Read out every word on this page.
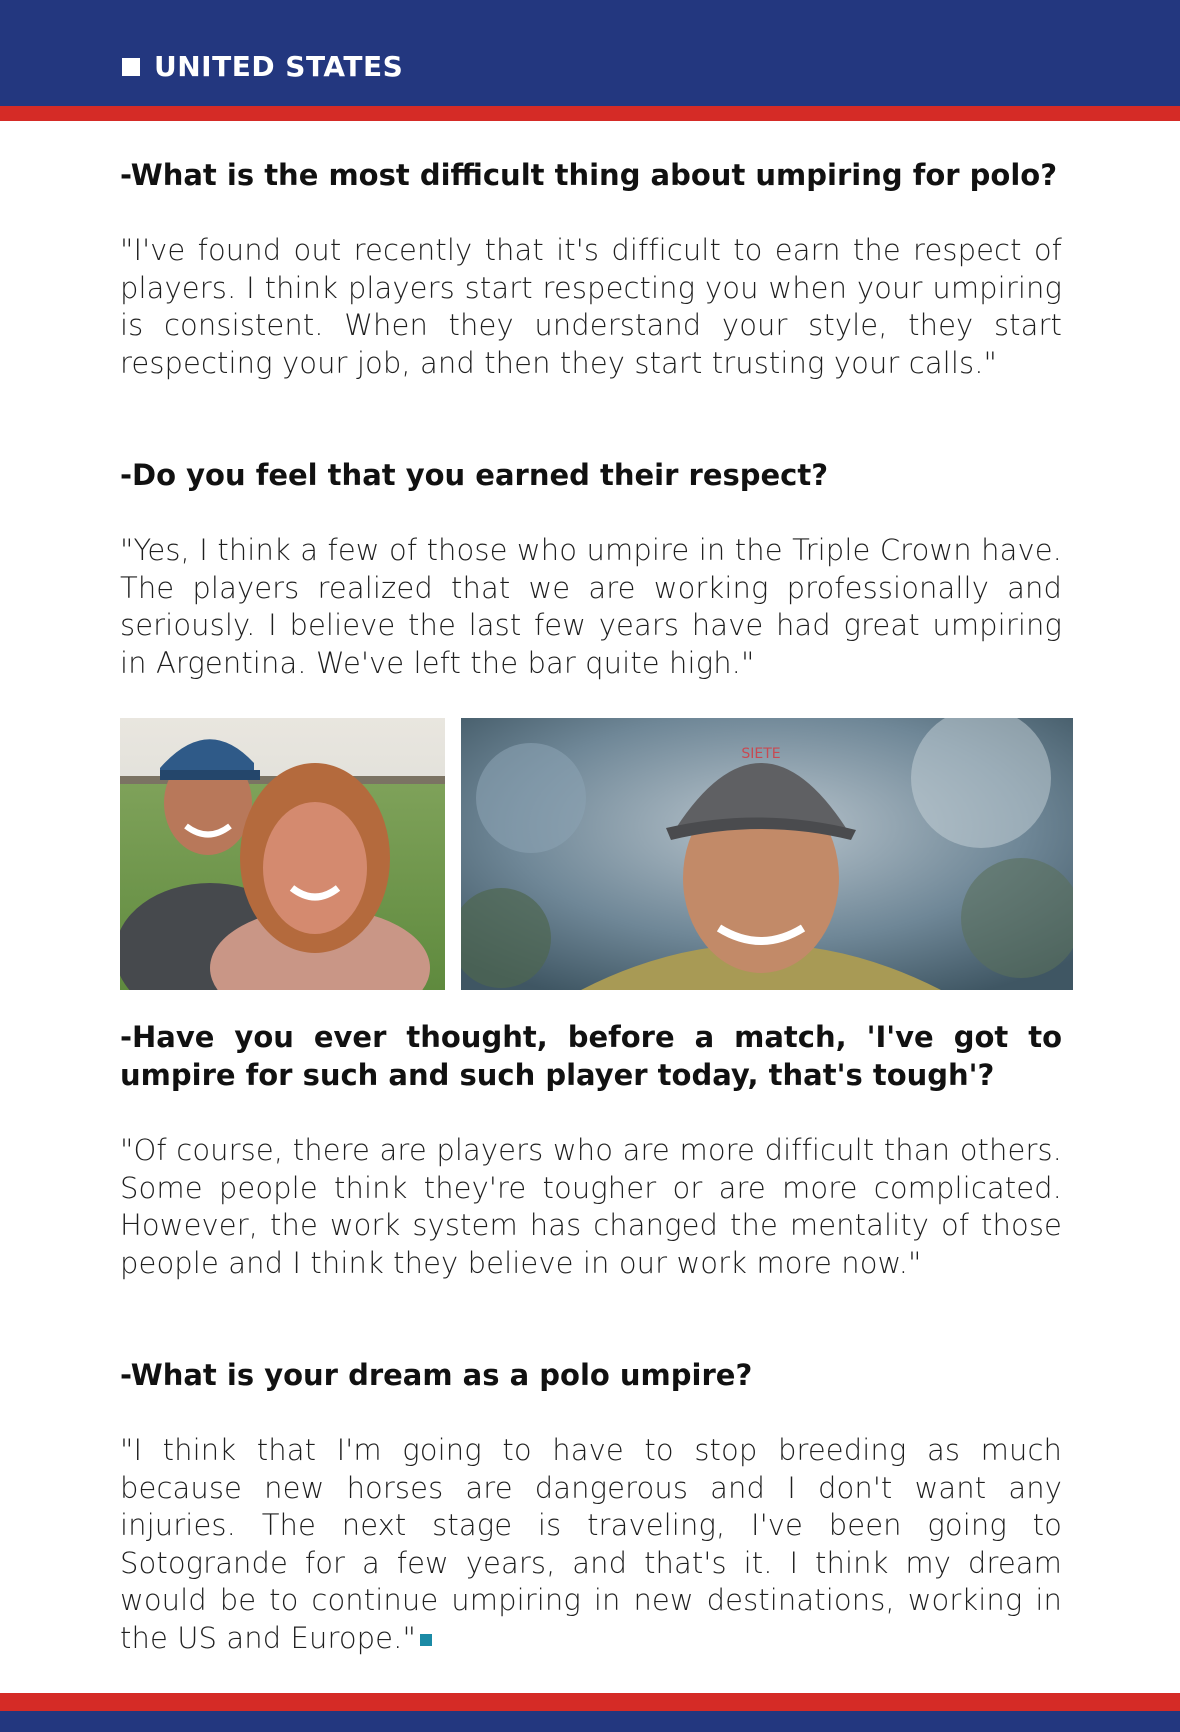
UNITED STATES

-What is the most difficult thing about umpiring for polo?

"I've found out recently that it's difficult to earn the respect of players. I think players start respecting you when your umpiring is consistent. When they understand your style, they start respecting your job, and then they start trusting your calls."

-Do you feel that you earned their respect?

"Yes, I think a few of those who umpire in the Triple Crown have. The players realized that we are working professionally and seriously. I believe the last few years have had great umpiring in Argentina. We've left the bar quite high."

SIETE

-Have you ever thought, before a match, 'I've got to umpire for such and such player today, that's tough'?

"Of course, there are players who are more difficult than others. Some people think they're tougher or are more complicated. However, the work system has changed the mentality of those people and I think they believe in our work more now."

-What is your dream as a polo umpire?

"I think that I'm going to have to stop breeding as much because new horses are dangerous and I don't want any injuries. The next stage is traveling, I've been going to Sotogrande for a few years, and that's it. I think my dream would be to continue umpiring in new destinations, working in the US and Europe."
